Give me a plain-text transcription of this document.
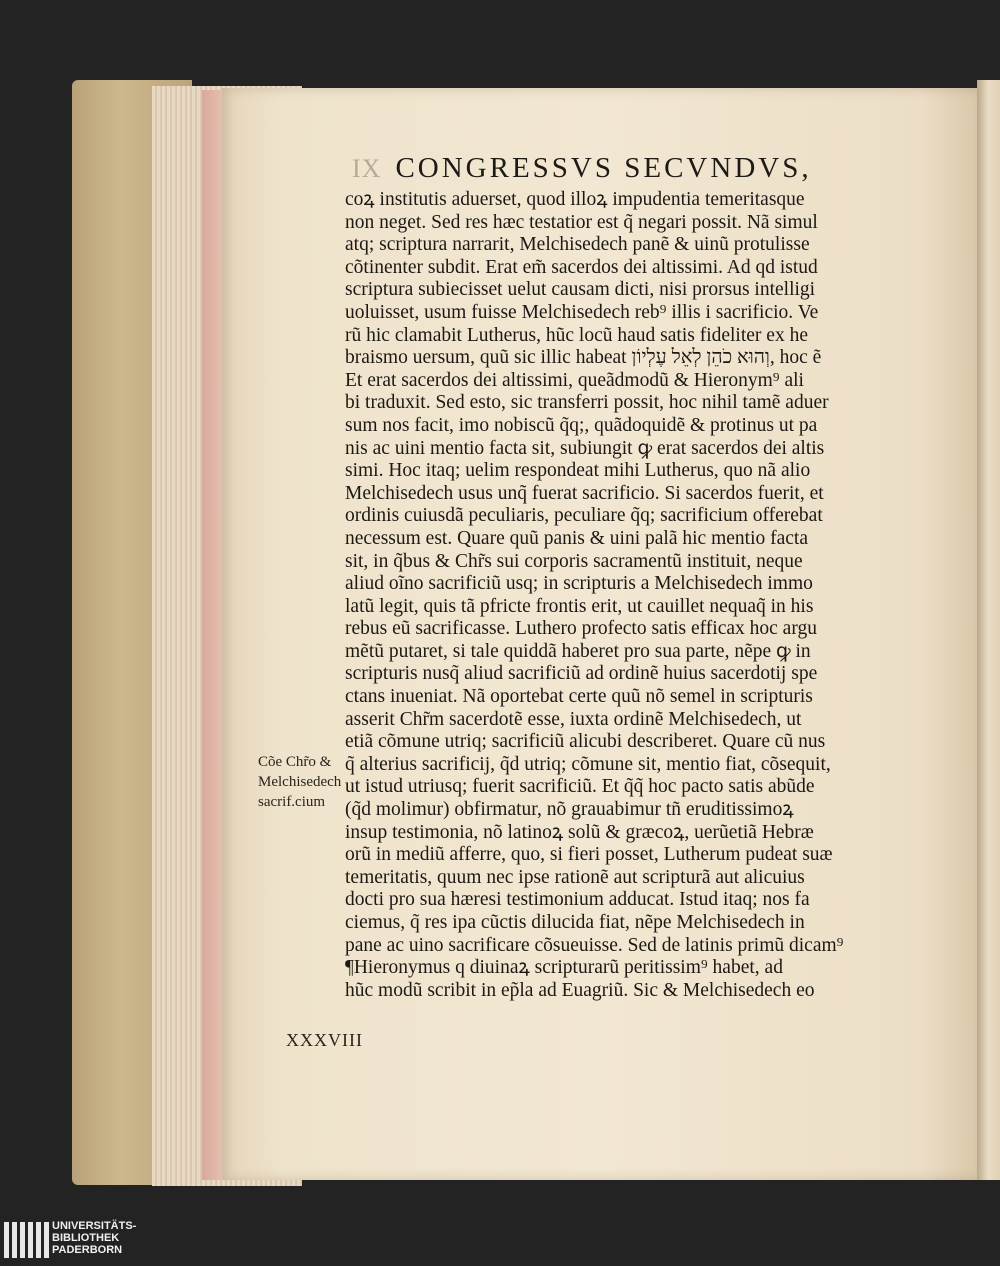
IX CONGRESSVS SECVNDVS,
coꝝ institutis aduerset, quod illoꝝ impudentia temeritasque
non neget. Sed res hæc testatior est q̃ negari possit. Nã simul
atq; scriptura narrarit, Melchisedech panẽ & uinũ protulisse
cõtinenter subdit. Erat em̃ sacerdos dei altissimi. Ad qd istud
scriptura subiecisset uelut causam dicti, nisi prorsus intelligi
uoluisset, usum fuisse Melchisedech reb⁹ illis i sacrificio. Ve
rũ hic clamabit Lutherus, hũc locũ haud satis fideliter ex he
braismo uersum, quũ sic illic habeat וְהוּא כֹהֵן לְאֵל עֶלְיוֹן, hoc ẽ
Et erat sacerdos dei altissimi, queãdmodũ & Hieronym⁹ ali
bi traduxit. Sed esto, sic transferri possit, hoc nihil tamẽ aduer
sum nos facit, imo nobiscũ q̃q;, quãdoquidẽ & protinus ut pa
nis ac uini mentio facta sit, subiungit ꝙ erat sacerdos dei altis
simi. Hoc itaq; uelim respondeat mihi Lutherus, quo nã alio
Melchisedech usus unq̃ fuerat sacrificio. Si sacerdos fuerit, et
ordinis cuiusdã peculiaris, peculiare q̃q; sacrificium offerebat
necessum est. Quare quũ panis & uini palã hic mentio facta
sit, in q̃bus & Chr̃s sui corporis sacramentũ instituit, neque
aliud oĩno sacrificiũ usq; in scripturis a Melchisedech immo
latũ legit, quis tã pfricte frontis erit, ut cauillet nequaq̃ in his
rebus eũ sacrificasse. Luthero profecto satis efficax hoc argu
mẽtũ putaret, si tale quiddã haberet pro sua parte, nẽpe ꝙ in
scripturis nusq̃ aliud sacrificiũ ad ordinẽ huius sacerdotij spe
ctans inueniat. Nã oportebat certe quũ nõ semel in scripturis
asserit Chr̃m sacerdotẽ esse, iuxta ordinẽ Melchisedech, ut
etiã cõmune utriq; sacrificiũ alicubi describeret. Quare cũ nus
q̃ alterius sacrificij, q̃d utriq; cõmune sit, mentio fiat, cõsequit,
ut istud utriusq; fuerit sacrificiũ. Et q̃q̃ hoc pacto satis abũde
(q̃d molimur) obfirmatur, nõ grauabimur tñ eruditissimoꝝ
insup testimonia, nõ latinoꝝ solũ & græcoꝝ, uerũetiã Hebræ
orũ in mediũ afferre, quo, si fieri posset, Lutherum pudeat suæ
temeritatis, quum nec ipse rationẽ aut scripturã aut alicuius
docti pro sua hæresi testimonium adducat. Istud itaq; nos fa
ciemus, q̃ res ipa cũctis dilucida fiat, nẽpe Melchisedech in
pane ac uino sacrificare cõsueuisse. Sed de latinis primũ dicam⁹
¶Hieronymus q diuinaꝝ scripturarũ peritissim⁹ habet, ad
hũc modũ scribit in ep̃la ad Euagriũ. Sic & Melchisedech eo
Cõe Chr̃o &
Melchisedech
sacrif.cium
XXXVIII
UNIVERSITÄTS-
BIBLIOTHEK
PADERBORN
